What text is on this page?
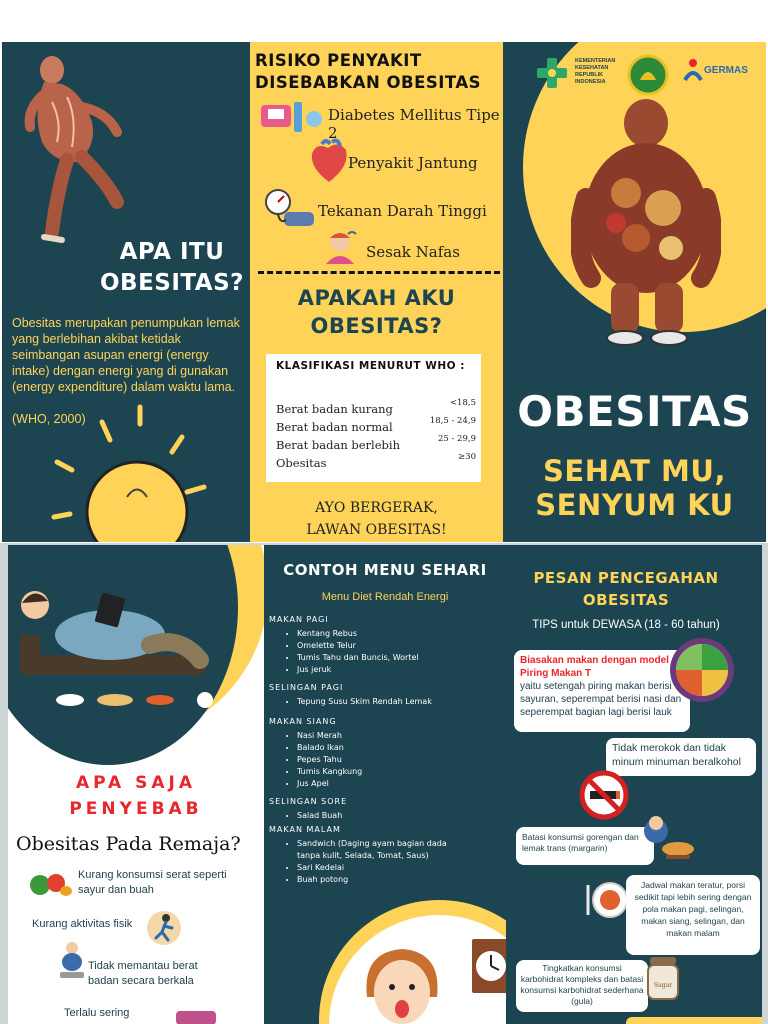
APA ITU
OBESITAS?
Obesitas merupakan penumpukan lemak yang berlebihan akibat ketidak seimbangan asupan energi (energy intake) dengan energi yang di gunakan (energy expenditure) dalam waktu lama.
(WHO, 2000)
RISIKO PENYAKIT
DISEBABKAN OBESITAS
Diabetes Mellitus Tipe 2
Penyakit Jantung
Tekanan Darah Tinggi
Sesak Nafas
APAKAH AKU
OBESITAS?
KLASIFIKASI MENURUT WHO :
Berat badan kurang	<18,5
Berat badan normal	18,5 - 24,9
Berat badan berlebih	25 - 29,9
Obesitas	≥30
AYO BERGERAK,
LAWAN OBESITAS!
KEMENTERIAN KESEHATAN REPUBLIK INDONESIA
GERMAS
OBESITAS
SEHAT MU,
SENYUM KU
APA SAJA
PENYEBAB
Obesitas Pada Remaja?
Kurang konsumsi serat seperti sayur dan buah
Kurang aktivitas fisik
Tidak memantau berat badan secara berkala
Terlalu sering
CONTOH MENU SEHARI
Menu Diet Rendah Energi
MAKAN PAGI
• Kentang Rebus
• Omelette Telur
• Tumis Tahu dan Buncis, Wortel
• Jus jeruk
SELINGAN PAGI
• Tepung Susu Skim Rendah Lemak
MAKAN SIANG
• Nasi Merah
• Balado Ikan
• Pepes Tahu
• Tumis Kangkung
• Jus Apel
SELINGAN SORE
• Salad Buah
MAKAN MALAM
• Sandwich (Daging ayam bagian dada tanpa kulit, Selada, Tomat, Saus)
• Sari Kedelai
• Buah potong
PESAN PENCEGAHAN
OBESITAS
TIPS untuk DEWASA (18 - 60 tahun)
Biasakan makan dengan model Piring Makan T
yaitu setengah piring makan berisi sayuran, seperempat berisi nasi dan seperempat bagian lagi berisi lauk
Tidak merokok dan tidak minum minuman beralkohol
Batasi konsumsi gorengan dan lemak trans (margarin)
Jadwal makan teratur, porsi sedikit tapi lebih sering dengan pola makan pagi, selingan, makan siang, selingan, dan makan malam
Tingkatkan konsumsi karbohidrat kompleks dan batasi konsumsi karbohidrat sederhana (gula)
Sugar
